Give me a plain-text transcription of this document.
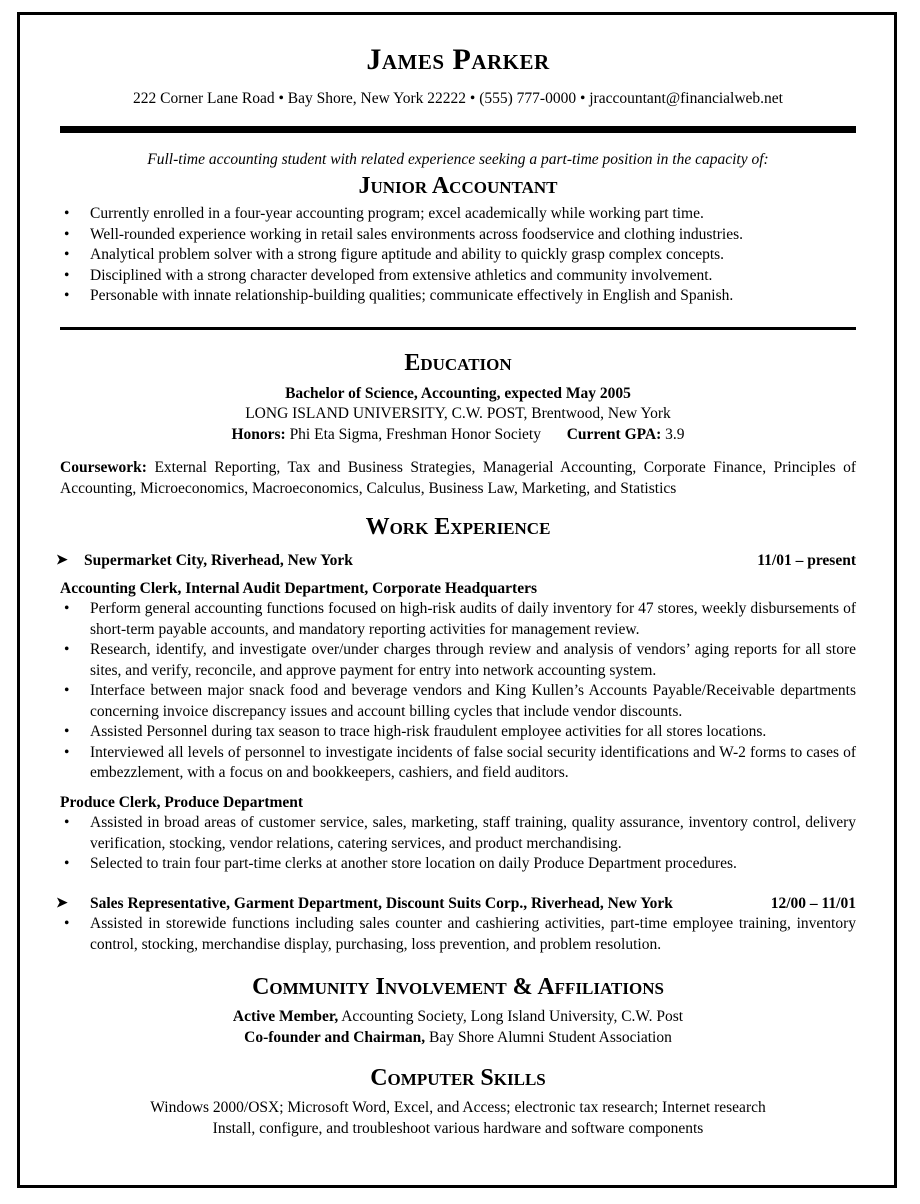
James Parker
222 Corner Lane Road • Bay Shore, New York 22222 • (555) 777-0000 • jraccountant@financialweb.net
Full-time accounting student with related experience seeking a part-time position in the capacity of:
Junior Accountant
• Currently enrolled in a four-year accounting program; excel academically while working part time.
• Well-rounded experience working in retail sales environments across foodservice and clothing industries.
• Analytical problem solver with a strong figure aptitude and ability to quickly grasp complex concepts.
• Disciplined with a strong character developed from extensive athletics and community involvement.
• Personable with innate relationship-building qualities; communicate effectively in English and Spanish.
Education
Bachelor of Science, Accounting, expected May 2005
LONG ISLAND UNIVERSITY, C.W. POST, Brentwood, New York
Honors: Phi Eta Sigma, Freshman Honor Society Current GPA: 3.9
Coursework: External Reporting, Tax and Business Strategies, Managerial Accounting, Corporate Finance, Principles of Accounting, Microeconomics, Macroeconomics, Calculus, Business Law, Marketing, and Statistics
Work Experience
➤ Supermarket City, Riverhead, New York	11/01 – present
Accounting Clerk, Internal Audit Department, Corporate Headquarters
• Perform general accounting functions focused on high-risk audits of daily inventory for 47 stores, weekly disbursements of short-term payable accounts, and mandatory reporting activities for management review.
• Research, identify, and investigate over/under charges through review and analysis of vendors’ aging reports for all store sites, and verify, reconcile, and approve payment for entry into network accounting system.
• Interface between major snack food and beverage vendors and King Kullen’s Accounts Payable/Receivable departments concerning invoice discrepancy issues and account billing cycles that include vendor discounts.
• Assisted Personnel during tax season to trace high-risk fraudulent employee activities for all stores locations.
• Interviewed all levels of personnel to investigate incidents of false social security identifications and W-2 forms to cases of embezzlement, with a focus on and bookkeepers, cashiers, and field auditors.
Produce Clerk, Produce Department
• Assisted in broad areas of customer service, sales, marketing, staff training, quality assurance, inventory control, delivery verification, stocking, vendor relations, catering services, and product merchandising.
• Selected to train four part-time clerks at another store location on daily Produce Department procedures.
➤	Sales Representative, Garment Department, Discount Suits Corp., Riverhead, New York	12/00 – 11/01
• Assisted in storewide functions including sales counter and cashiering activities, part-time employee training, inventory control, stocking, merchandise display, purchasing, loss prevention, and problem resolution.
Community Involvement & Affiliations
Active Member, Accounting Society, Long Island University, C.W. Post
Co-founder and Chairman, Bay Shore Alumni Student Association
Computer Skills
Windows 2000/OSX; Microsoft Word, Excel, and Access; electronic tax research; Internet research
Install, configure, and troubleshoot various hardware and software components
